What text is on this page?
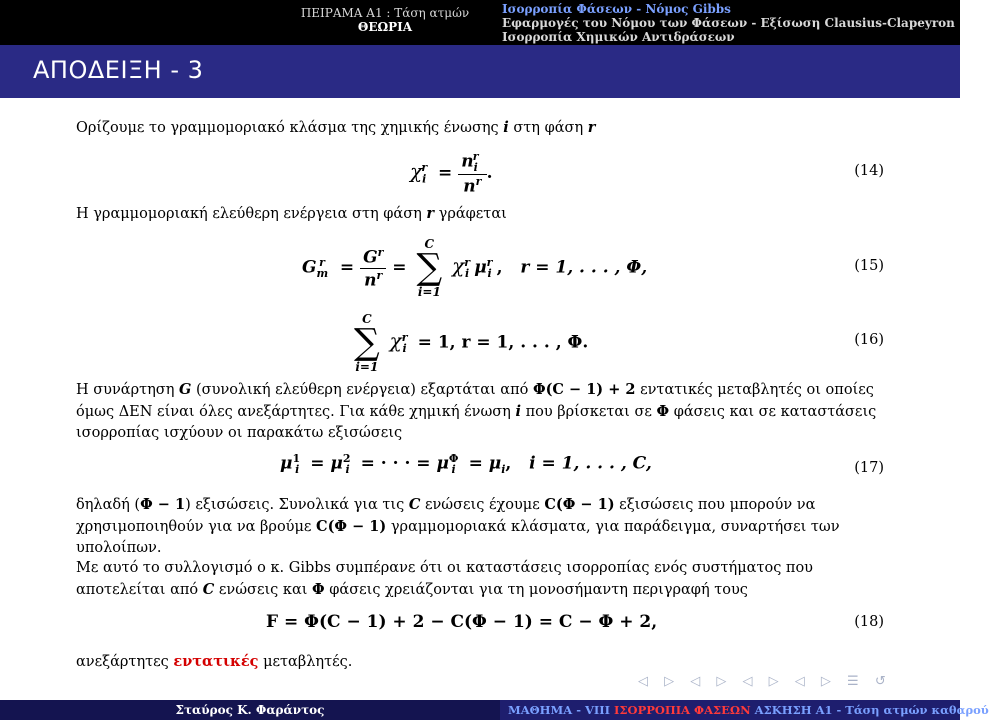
ΠΕΙΡΑΜΑ Α1 : Τάση ατμών
ΘΕΩΡΙΑ
Ισορροπία Φάσεων - Νόμος Gibbs
Εφαρμογές του Νόμου των Φάσεων - Εξίσωση Clausius-Clapeyron
Ισορροπία Χημικών Αντιδράσεων
ΑΠΟΔΕΙΞΗ - 3
Ορίζουμε το γραμμομοριακό κλάσμα της χημικής ένωσης i στη φάση r
$\chi_i^r = \frac{n_i^r}{n^r}$ .	(14)
Η γραμμομοριακή ελεύθερη ενέργεια στη φάση r γράφεται
$G_m^r = \frac{G^r}{n^r}$ =
C
∑
i=1
$\chi^r_i$ $\mu^r_i$ ,   r = 1, . . . , Φ,	(15)
C
∑
i=1
$\chi^r_i = 1$, r = 1, . . . , Φ.	(16)
Η συνάρτηση G (συνολική ελεύθερη ενέργεια) εξαρτάται από Φ(C − 1) + 2 εντατικές μεταβλητές οι οποίες όμως ΔΕΝ είναι όλες ανεξάρτητες. Για κάθε χημική ένωση i που βρίσκεται σε Φ φάσεις και σε καταστάσεις ισορροπίας ισχύουν οι παρακάτω εξισώσεις
$\mu^1_i = \mu^2_i$ = · · · = $\mu^\Phi_i = \mu_i$,   i = 1, . . . , C,	(17)
δηλαδή (Φ − 1) εξισώσεις. Συνολικά για τις C ενώσεις έχουμε C(Φ − 1) εξισώσεις που μπορούν να χρησιμοποιηθούν για να βρούμε C(Φ − 1) γραμμομοριακά κλάσματα, για παράδειγμα, συναρτήσει των υπολοίπων.
Με αυτό το συλλογισμό ο κ. Gibbs συμπέρανε ότι οι καταστάσεις ισορροπίας ενός συστήματος που αποτελείται από C ενώσεις και Φ φάσεις χρειάζονται για τη μονοσήμαντη περιγραφή τους
F = Φ(C − 1) + 2 − C(Φ − 1) = C − Φ + 2,	(18)
ανεξάρτητες εντατικές μεταβλητές.
◁ ▷ ◁ ▷ ◁ ▷ ◁ ▷ ☰ ↺
Σταύρος Κ. Φαράντος	ΜΑΘΗΜΑ - VIII ΙΣΟΡΡΟΠΙΑ ΦΑΣΕΩΝ ΑΣΚΗΣΗ Α1 - Τάση ατμών καθαρού
